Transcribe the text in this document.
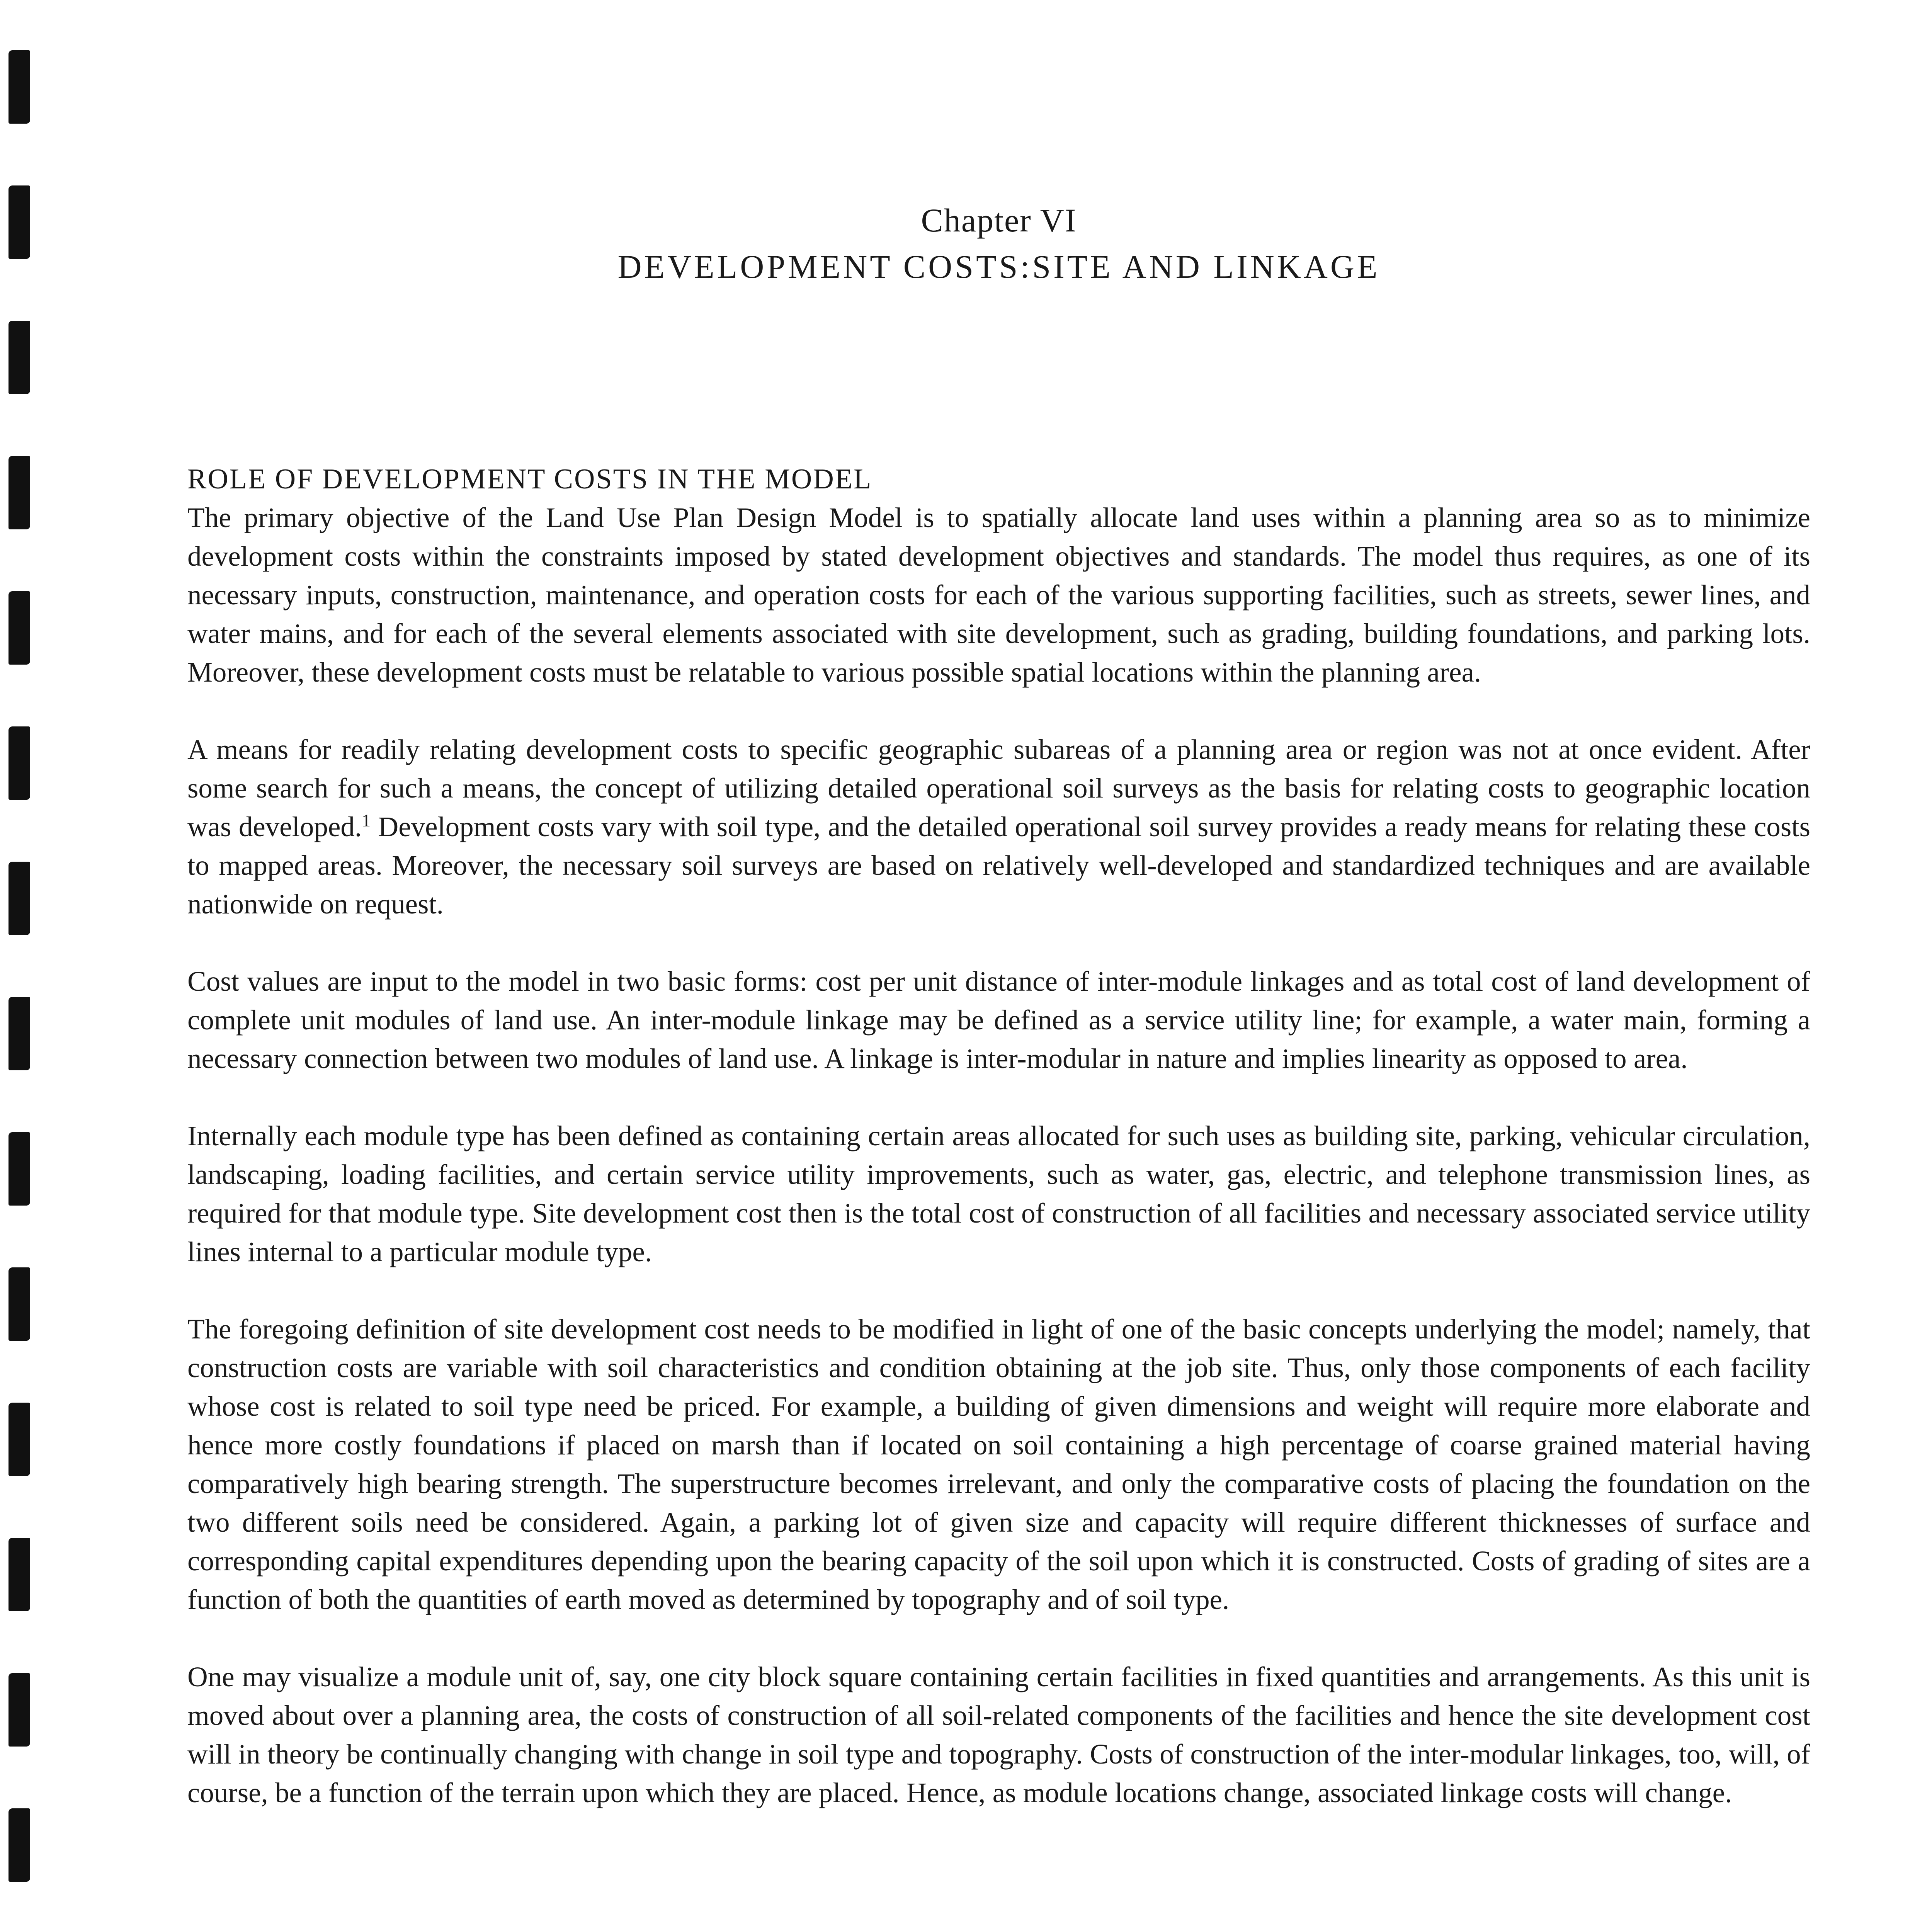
Chapter VI
DEVELOPMENT COSTS:SITE AND LINKAGE
ROLE OF DEVELOPMENT COSTS IN THE MODEL

The primary objective of the Land Use Plan Design Model is to spatially allocate land uses within a planning area so as to minimize development costs within the constraints imposed by stated development objectives and standards. The model thus requires, as one of its necessary inputs, construction, maintenance, and operation costs for each of the various supporting facilities, such as streets, sewer lines, and water mains, and for each of the several elements associated with site development, such as grading, building foundations, and parking lots. Moreover, these development costs must be relatable to various possible spatial locations within the planning area.

A means for readily relating development costs to specific geographic subareas of a planning area or region was not at once evident. After some search for such a means, the concept of utilizing detailed operational soil surveys as the basis for relating costs to geographic location was developed.$^1$ Development costs vary with soil type, and the detailed operational soil survey provides a ready means for relating these costs to mapped areas. Moreover, the necessary soil surveys are based on relatively well-developed and standardized techniques and are available nationwide on request.

Cost values are input to the model in two basic forms: cost per unit distance of inter-module linkages and as total cost of land development of complete unit modules of land use. An inter-module linkage may be defined as a service utility line; for example, a water main, forming a necessary connection between two modules of land use. A linkage is inter-modular in nature and implies linearity as opposed to area.

Internally each module type has been defined as containing certain areas allocated for such uses as building site, parking, vehicular circulation, landscaping, loading facilities, and certain service utility improvements, such as water, gas, electric, and telephone transmission lines, as required for that module type. Site development cost then is the total cost of construction of all facilities and necessary associated service utility lines internal to a particular module type.

The foregoing definition of site development cost needs to be modified in light of one of the basic concepts underlying the model; namely, that construction costs are variable with soil characteristics and condition obtaining at the job site. Thus, only those components of each facility whose cost is related to soil type need be priced. For example, a building of given dimensions and weight will require more elaborate and hence more costly foundations if placed on marsh than if located on soil containing a high percentage of coarse grained material having comparatively high bearing strength. The superstructure becomes irrelevant, and only the comparative costs of placing the foundation on the two different soils need be considered. Again, a parking lot of given size and capacity will require different thicknesses of surface and corresponding capital expenditures depending upon the bearing capacity of the soil upon which it is constructed. Costs of grading of sites are a function of both the quantities of earth moved as determined by topography and of soil type.

One may visualize a module unit of, say, one city block square containing certain facilities in fixed quantities and arrangements. As this unit is moved about over a planning area, the costs of construction of all soil-related components of the facilities and hence the site development cost will in theory be continually changing with change in soil type and topography. Costs of construction of the inter-modular linkages, too, will, of course, be a function of the terrain upon which they are placed. Hence, as module locations change, associated linkage costs will change.
